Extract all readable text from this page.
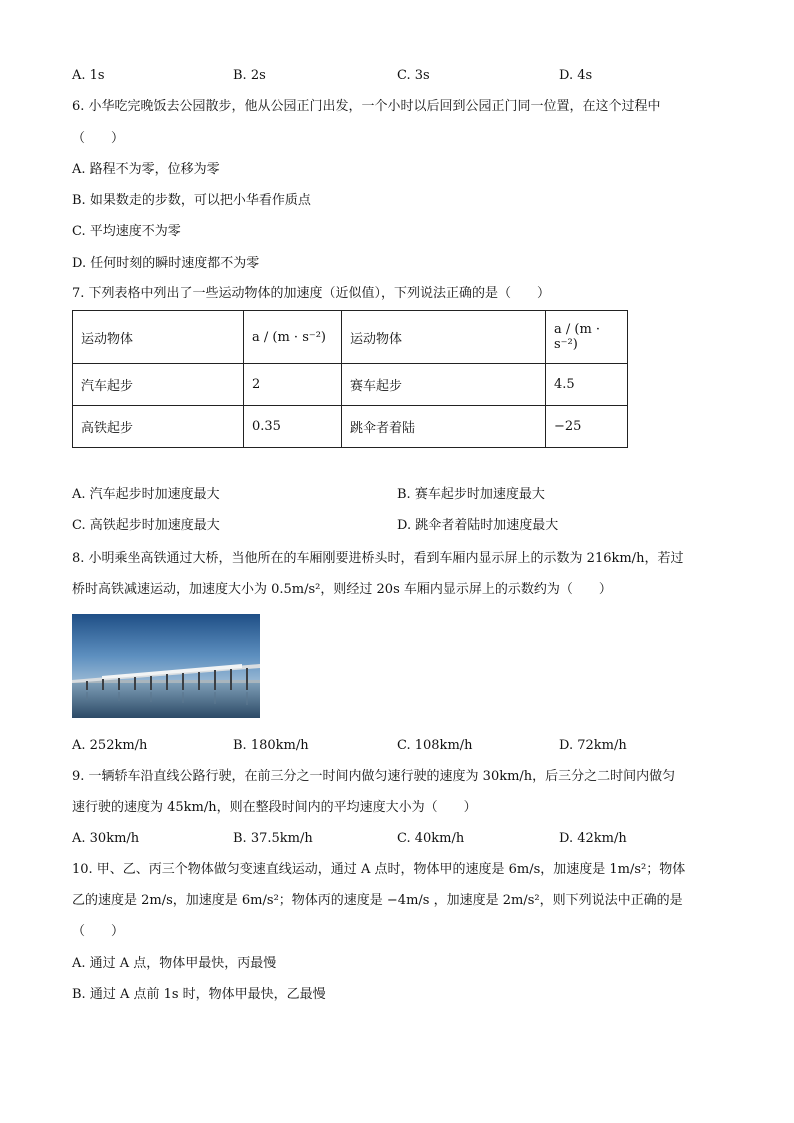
A. 1s	B. 2s	C. 3s	D. 4s
6. 小华吃完晚饭去公园散步，他从公园正门出发，一个小时以后回到公园正门同一位置，在这个过程中
（　　）
A. 路程不为零，位移为零
B. 如果数走的步数，可以把小华看作质点
C. 平均速度不为零
D. 任何时刻的瞬时速度都不为零
7. 下列表格中列出了一些运动物体的加速度（近似值），下列说法正确的是（　　）
运动物体	a / (m · s⁻²)	运动物体	a / (m · s⁻²)
汽车起步	2	赛车起步	4.5
高铁起步	0.35	跳伞者着陆	−25
A. 汽车起步时加速度最大	B. 赛车起步时加速度最大
C. 高铁起步时加速度最大	D. 跳伞者着陆时加速度最大
8. 小明乘坐高铁通过大桥，当他所在的车厢刚要进桥头时，看到车厢内显示屏上的示数为 216km/h，若过
桥时高铁减速运动，加速度大小为 0.5m/s²，则经过 20s 车厢内显示屏上的示数约为（　　）
A. 252km/h	B. 180km/h	C. 108km/h	D. 72km/h
9. 一辆轿车沿直线公路行驶，在前三分之一时间内做匀速行驶的速度为 30km/h，后三分之二时间内做匀
速行驶的速度为 45km/h，则在整段时间内的平均速度大小为（　　）
A. 30km/h	B. 37.5km/h	C. 40km/h	D. 42km/h
10. 甲、乙、丙三个物体做匀变速直线运动，通过 A 点时，物体甲的速度是 6m/s，加速度是 1m/s²；物体
乙的速度是 2m/s，加速度是 6m/s²；物体丙的速度是 −4m/s ，加速度是 2m/s²，则下列说法中正确的是
（　　）
A. 通过 A 点，物体甲最快，丙最慢
B. 通过 A 点前 1s 时，物体甲最快，乙最慢
